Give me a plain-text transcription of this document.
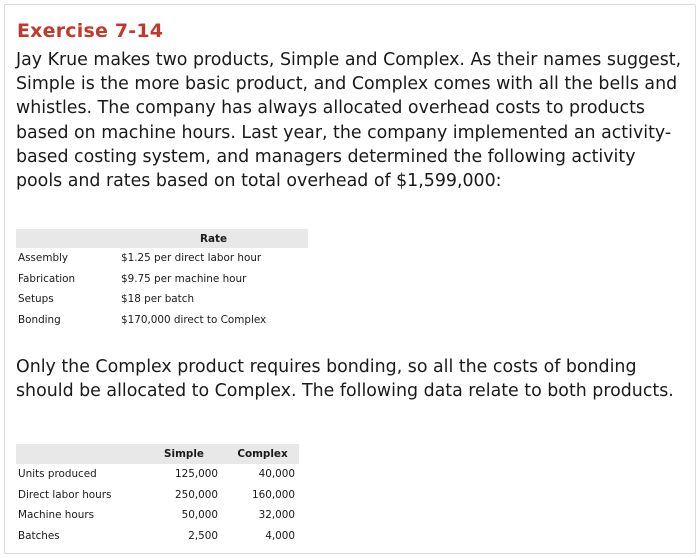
Exercise 7-14
Jay Krue makes two products, Simple and Complex. As their names suggest, Simple is the more basic product, and Complex comes with all the bells and whistles. The company has always allocated overhead costs to products based on machine hours. Last year, the company implemented an activity-based costing system, and managers determined the following activity pools and rates based on total overhead of $1,599,000:
	Rate
Assembly	$1.25 per direct labor hour
Fabrication	$9.75 per machine hour
Setups	$18 per batch
Bonding	$170,000 direct to Complex
Only the Complex product requires bonding, so all the costs of bonding should be allocated to Complex. The following data relate to both products.
	Simple	Complex
Units produced	125,000	40,000
Direct labor hours	250,000	160,000
Machine hours	50,000	32,000
Batches	2,500	4,000
